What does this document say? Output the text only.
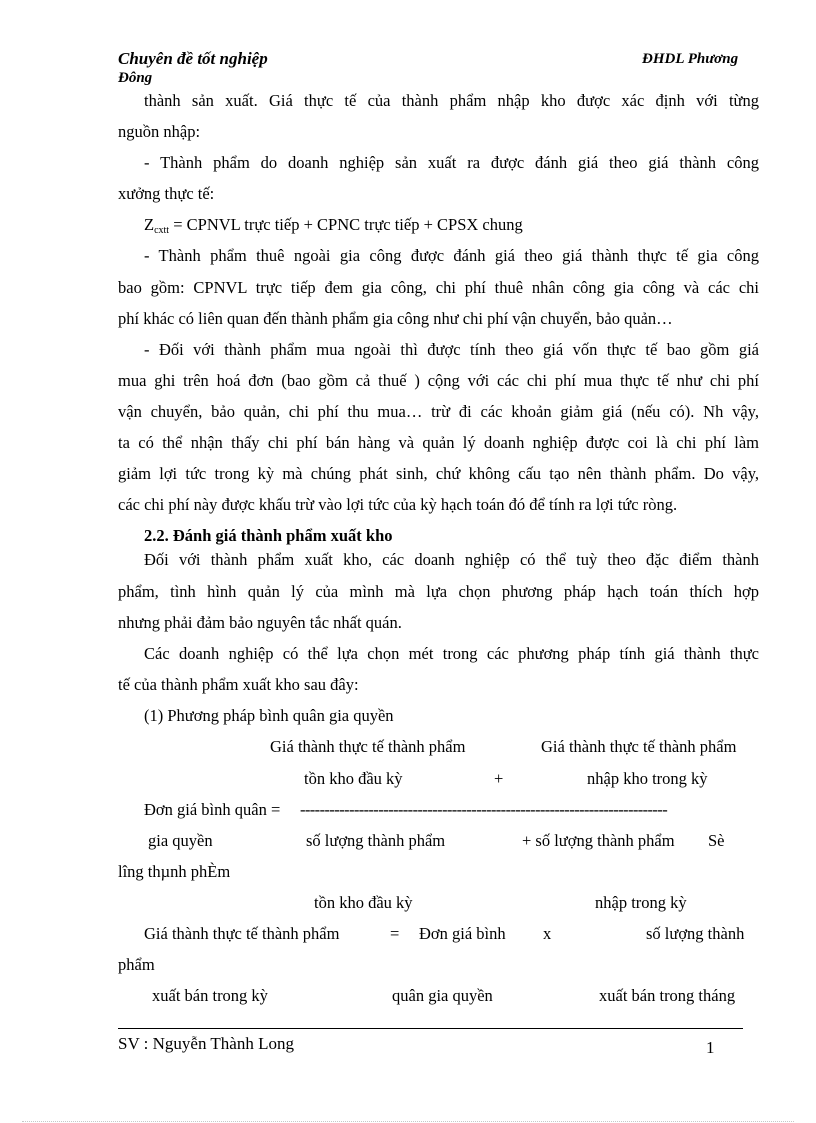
Chuyên đề tốt nghiệp	ĐHDL Phương
Đông
thành sản xuất. Giá thực tế của thành phẩm nhập kho được xác định với từng
nguồn nhập:
- Thành phẩm do doanh nghiệp sản xuất ra được đánh giá theo giá thành công
xưởng thực tế:
$Z_{cxtt}$ = CPNVL trực tiếp + CPNC trực tiếp + CPSX chung
- Thành phẩm thuê ngoài gia công được đánh giá theo giá thành thực tế gia công
bao gồm: CPNVL trực tiếp đem gia công, chi phí thuê nhân công gia công và các chi
phí khác có liên quan đến thành phẩm gia công như chi phí vận chuyển, bảo quản…
- Đối với thành phẩm mua ngoài thì được tính theo giá vốn thực tế bao gồm giá
mua ghi trên hoá đơn (bao gồm cả thuế ) cộng với các chi phí mua thực tế như chi phí
vận chuyển, bảo quản, chi phí thu mua… trừ đi các khoản giảm giá (nếu có). Nh vậy,
ta có thể nhận thấy chi phí bán hàng và quản lý doanh nghiệp được coi là chi phí làm
giảm lợi tức trong kỳ mà chúng phát sinh, chứ không cấu tạo nên thành phẩm. Do vậy,
các chi phí này được khấu trừ vào lợi tức của kỳ hạch toán đó để tính ra lợi tức ròng.
2.2. Đánh giá thành phẩm xuất kho
Đối với thành phẩm xuất kho, các doanh nghiệp có thể tuỳ theo đặc điểm thành
phẩm, tình hình quản lý của mình mà lựa chọn phương pháp hạch toán thích hợp
nhưng phải đảm bảo nguyên tắc nhất quán.
Các doanh nghiệp có thể lựa chọn mét trong các phương pháp tính giá thành thực
tế của thành phẩm xuất kho sau đây:
(1) Phương pháp bình quân gia quyền
Giá thành thực tế thành phẩm	Giá thành thực tế thành phẩm
tồn kho đầu kỳ	+	nhập kho trong kỳ
Đơn giá bình quân = ---------------------------------------------------------------------------
gia quyền	số lượng thành phẩm	+ số lượng thành phẩm Sè
lîng thµnh phÈm
tồn kho đầu kỳ	nhập trong kỳ
Giá thành thực tế thành phẩm	= Đơn giá bình x	số lượng thành
phẩm
xuất bán trong kỳ	quân gia quyền	xuất bán trong tháng
SV : Nguyễn Thành Long	1
